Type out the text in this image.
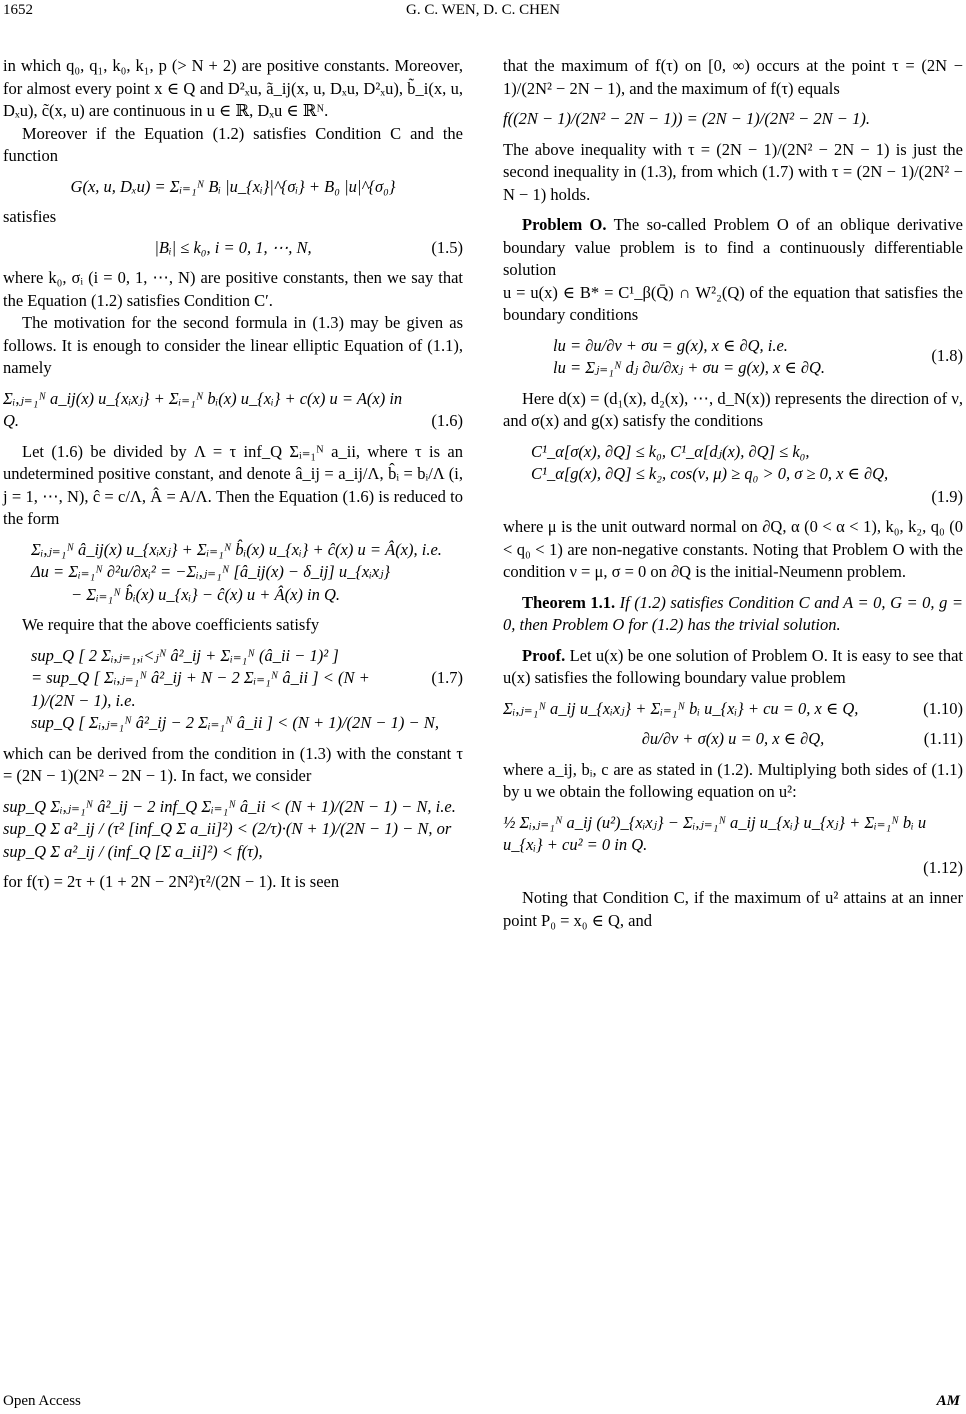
1652	G. C. WEN, D. C. CHEN

in which q₀, q₁, k₀, k₁, p (> N + 2) are positive constants. Moreover, for almost every point x ∈ Q and D²ₓu, ã_ij(x, u, Dₓu, D²ₓu), b̃_i(x, u, Dₓu), c̃(x, u) are continuous in u ∈ ℝ, Dₓu ∈ ℝᴺ.

Moreover if the Equation (1.2) satisfies Condition C and the function

G(x, u, Dₓu) = Σᵢ₌₁ᴺ Bᵢ |u_{xᵢ}|^{σᵢ} + B₀ |u|^{σ₀}

satisfies

|Bᵢ| ≤ k₀, i = 0, 1, ⋯, N,	(1.5)

where k₀, σᵢ (i = 0, 1, ⋯, N) are positive constants, then we say that the Equation (1.2) satisfies Condition C′.

The motivation for the second formula in (1.3) may be given as follows. It is enough to consider the linear elliptic Equation of (1.1), namely

Σᵢ,ⱼ₌₁ᴺ a_ij(x) u_{xᵢxⱼ} + Σᵢ₌₁ᴺ bᵢ(x) u_{xᵢ} + c(x) u = A(x) in Q.	(1.6)

Let (1.6) be divided by Λ = τ inf_Q Σᵢ₌₁ᴺ a_ii, where τ is an undetermined positive constant, and denote â_ij = a_ij/Λ, b̂ᵢ = bᵢ/Λ (i, j = 1, ⋯, N), ĉ = c/Λ, Â = A/Λ. Then the Equation (1.6) is reduced to the form

Σᵢ,ⱼ₌₁ᴺ â_ij(x) u_{xᵢxⱼ} + Σᵢ₌₁ᴺ b̂ᵢ(x) u_{xᵢ} + ĉ(x) u = Â(x), i.e.
Δu = Σᵢ₌₁ᴺ ∂²u/∂xᵢ² = −Σᵢ,ⱼ₌₁ᴺ [â_ij(x) − δ_ij] u_{xᵢxⱼ}
− Σᵢ₌₁ᴺ b̂ᵢ(x) u_{xᵢ} − ĉ(x) u + Â(x) in Q.

We require that the above coefficients satisfy

sup_Q [ 2 Σᵢ,ⱼ₌₁,ᵢ<ⱼᴺ â²_ij + Σᵢ₌₁ᴺ (â_ii − 1)² ]
= sup_Q [ Σᵢ,ⱼ₌₁ᴺ â²_ij + N − 2 Σᵢ₌₁ᴺ â_ii ] < (N + 1)/(2N − 1), i.e.
sup_Q [ Σᵢ,ⱼ₌₁ᴺ â²_ij − 2 Σᵢ₌₁ᴺ â_ii ] < (N + 1)/(2N − 1) − N,
(1.7)

which can be derived from the condition in (1.3) with the constant τ = (2N − 1)(2N² − 2N − 1). In fact, we consider

sup_Q Σᵢ,ⱼ₌₁ᴺ â²_ij − 2 inf_Q Σᵢ₌₁ᴺ â_ii < (N + 1)/(2N − 1) − N, i.e.
sup_Q Σ a²_ij / (τ² [inf_Q Σ a_ii]²) < (2/τ)·(N + 1)/(2N − 1) − N, or sup_Q Σ a²_ij / (inf_Q [Σ a_ii]²) < f(τ),

for f(τ) = 2τ + (1 + 2N − 2N²)τ²/(2N − 1). It is seen

that the maximum of f(τ) on [0, ∞) occurs at the point τ = (2N − 1)/(2N² − 2N − 1), and the maximum of f(τ) equals

f((2N − 1)/(2N² − 2N − 1)) = (2N − 1)/(2N² − 2N − 1).

The above inequality with τ = (2N − 1)/(2N² − 2N − 1) is just the second inequality in (1.3), from which (1.7) with τ = (2N − 1)/(2N² − N − 1) holds.

Problem O. The so-called Problem O of an oblique derivative boundary value problem is to find a continuously differentiable solution

u = u(x) ∈ B* = C¹_β(Q̄) ∩ W²₂(Q) of the equation that satisfies the boundary conditions

lu = ∂u/∂ν + σu = g(x), x ∈ ∂Q, i.e.
lu = Σⱼ₌₁ᴺ dⱼ ∂u/∂xⱼ + σu = g(x), x ∈ ∂Q.
(1.8)

Here d(x) = (d₁(x), d₂(x), ⋯, d_N(x)) represents the direction of ν, and σ(x) and g(x) satisfy the conditions

C¹_α[σ(x), ∂Q] ≤ k₀, C¹_α[dⱼ(x), ∂Q] ≤ k₀,
C¹_α[g(x), ∂Q] ≤ k₂, cos(ν, μ) ≥ q₀ > 0, σ ≥ 0, x ∈ ∂Q,
(1.9)

where μ is the unit outward normal on ∂Q, α (0 < α < 1), k₀, k₂, q₀ (0 < q₀ < 1) are non-negative constants. Noting that Problem O with the condition ν = μ, σ = 0 on ∂Q is the initial-Neumenn problem.

Theorem 1.1. If (1.2) satisfies Condition C and A = 0, G = 0, g = 0, then Problem O for (1.2) has the trivial solution.

Proof. Let u(x) be one solution of Problem O. It is easy to see that u(x) satisfies the following boundary value problem

Σᵢ,ⱼ₌₁ᴺ a_ij u_{xᵢxⱼ} + Σᵢ₌₁ᴺ bᵢ u_{xᵢ} + cu = 0, x ∈ Q,	(1.10)
∂u/∂ν + σ(x) u = 0, x ∈ ∂Q,	(1.11)

where a_ij, bᵢ, c are as stated in (1.2). Multiplying both sides of (1.1) by u we obtain the following equation on u²:

½ Σᵢ,ⱼ₌₁ᴺ a_ij (u²)_{xᵢxⱼ} − Σᵢ,ⱼ₌₁ᴺ a_ij u_{xᵢ} u_{xⱼ} + Σᵢ₌₁ᴺ bᵢ u u_{xᵢ} + cu² = 0 in Q.
(1.12)

Noting that Condition C, if the maximum of u² attains at an inner point P₀ = x₀ ∈ Q, and

Open Access	AM
